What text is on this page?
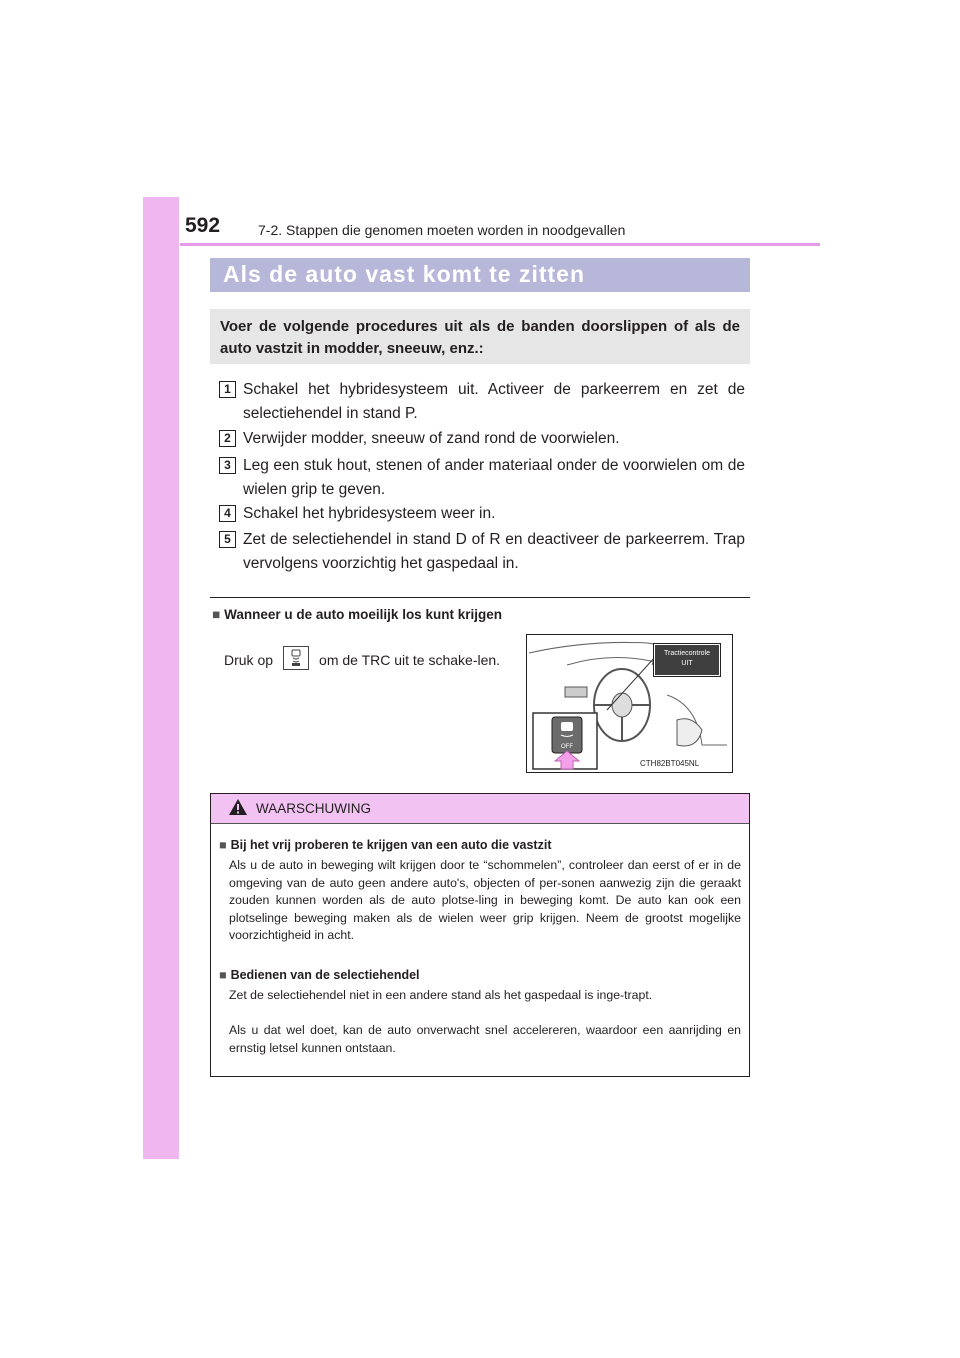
592	7-2. Stappen die genomen moeten worden in noodgevallen
Als de auto vast komt te zitten
Voer de volgende procedures uit als de banden doorslippen of als de auto vastzit in modder, sneeuw, enz.:
1 Schakel het hybridesysteem uit. Activeer de parkeerrem en zet de selectiehendel in stand P.
2 Verwijder modder, sneeuw of zand rond de voorwielen.
3 Leg een stuk hout, stenen of ander materiaal onder de voorwielen om de wielen grip te geven.
4 Schakel het hybridesysteem weer in.
5 Zet de selectiehendel in stand D of R en deactiveer de parkeerrem. Trap vervolgens voorzichtig het gaspedaal in.
■ Wanneer u de auto moeilijk los kunt krijgen
Druk op	om de TRC uit te schake-len.
OFF
Tractiecontrole
UIT
CTH82BT045NL
WAARSCHUWING
■ Bij het vrij proberen te krijgen van een auto die vastzit
Als u de auto in beweging wilt krijgen door te “schommelen”, controleer dan eerst of er in de omgeving van de auto geen andere auto's, objecten of per-sonen aanwezig zijn die geraakt zouden kunnen worden als de auto plotse-ling in beweging komt. De auto kan ook een plotselinge beweging maken als de wielen weer grip krijgen. Neem de grootst mogelijke voorzichtigheid in acht.
■ Bedienen van de selectiehendel
Zet de selectiehendel niet in een andere stand als het gaspedaal is inge-trapt.
Als u dat wel doet, kan de auto onverwacht snel accelereren, waardoor een aanrijding en ernstig letsel kunnen ontstaan.
